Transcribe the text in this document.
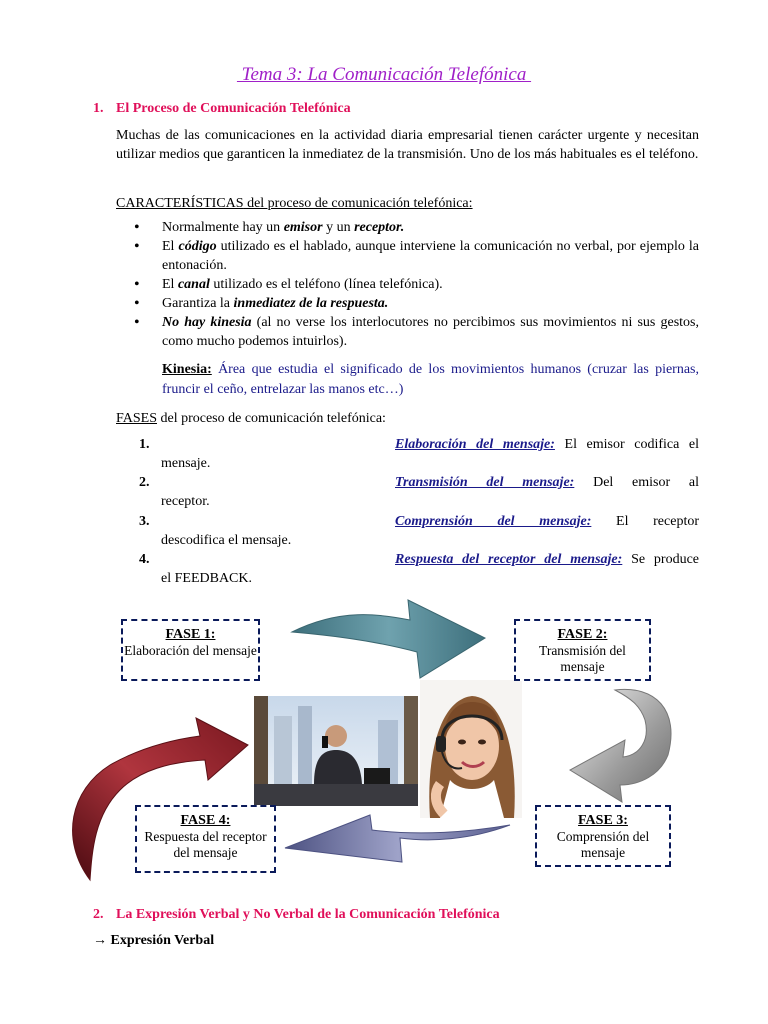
Tema 3: La Comunicación Telefónica
1. El Proceso de Comunicación Telefónica
Muchas de las comunicaciones en la actividad diaria empresarial tienen carácter urgente y necesitan utilizar medios que garanticen la inmediatez de la transmisión. Uno de los más habituales es el teléfono.
CARACTERÍSTICAS del proceso de comunicación telefónica:
• Normalmente hay un emisor y un receptor.
• El código utilizado es el hablado, aunque interviene la comunicación no verbal, por ejemplo la entonación.
• El canal utilizado es el teléfono (línea telefónica).
• Garantiza la inmediatez de la respuesta.
• No hay kinesia (al no verse los interlocutores no percibimos sus movimientos ni sus gestos, como mucho podemos intuirlos).
Kinesia: Área que estudia el significado de los movimientos humanos (cruzar las piernas, fruncir el ceño, entrelazar las manos etc…)
FASES del proceso de comunicación telefónica:
1.	Elaboración del mensaje: El emisor codifica el
mensaje.
2.	Transmisión del mensaje: Del emisor al
receptor.
3.	Comprensión del mensaje: El receptor
descodifica el mensaje.
4.	Respuesta del receptor del mensaje: Se produce
el FEEDBACK.
FASE 1:
Elaboración del mensaje
FASE 2:
Transmisión del mensaje
FASE 3:
Comprensión del mensaje
FASE 4:
Respuesta del receptor del mensaje
2. La Expresión Verbal y No Verbal de la Comunicación Telefónica
→ Expresión Verbal
